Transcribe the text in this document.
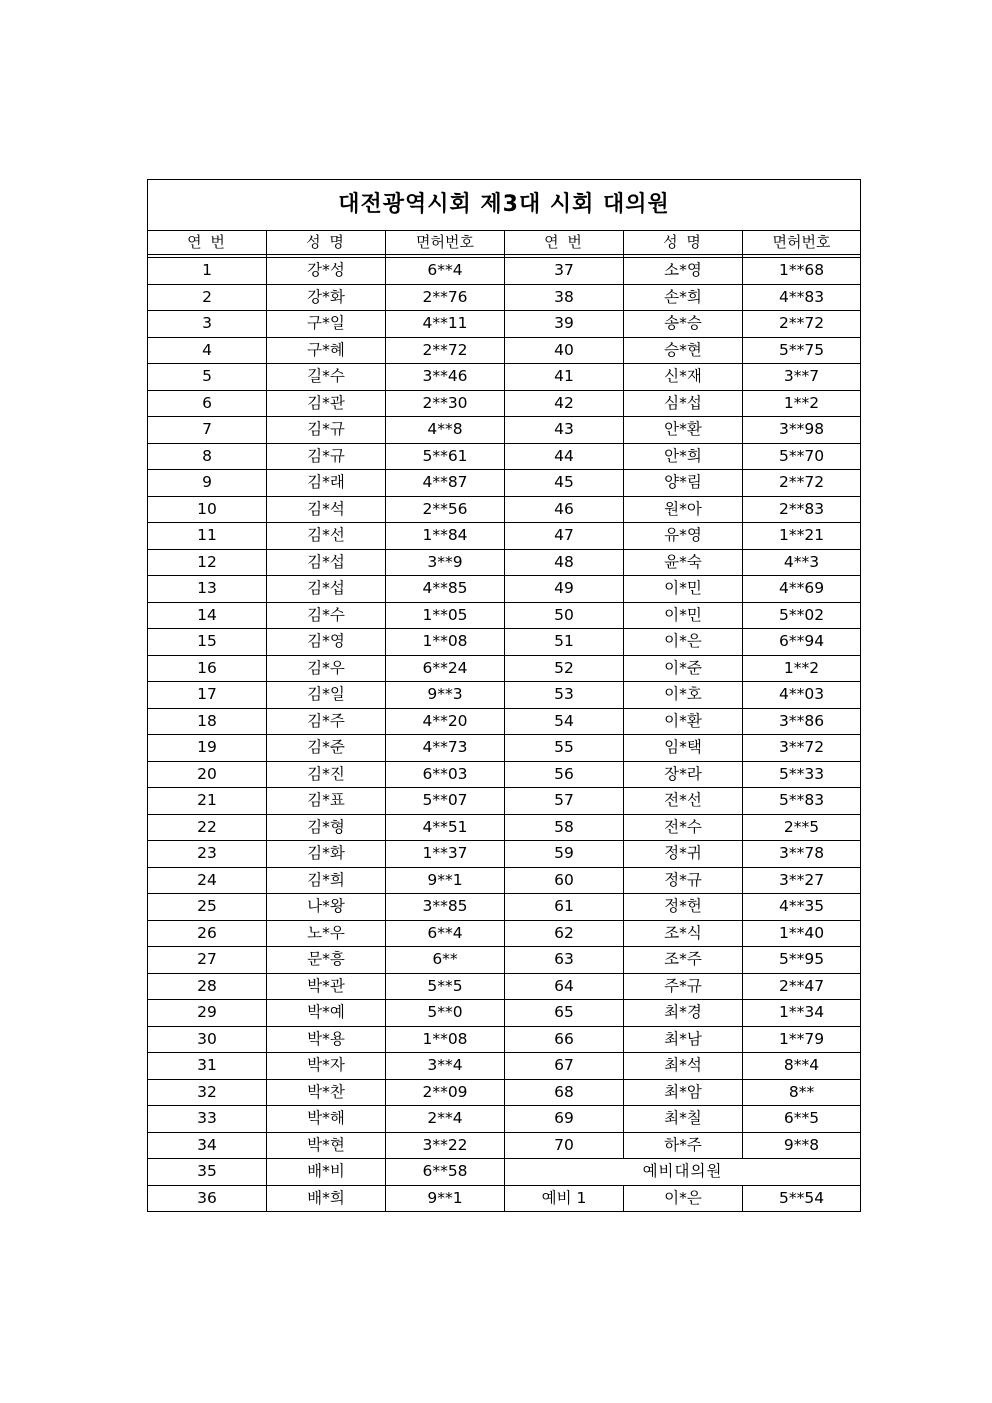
대전광역시회 제3대 시회 대의원					
연 번	성 명	면허번호	연 번	성 명	면허번호

1	강*성	6**4	37	소*영	1**68
2	강*화	2**76	38	손*희	4**83
3	구*일	4**11	39	송*승	2**72
4	구*혜	2**72	40	승*현	5**75
5	길*수	3**46	41	신*재	3**7
6	김*관	2**30	42	심*섭	1**2
7	김*규	4**8	43	안*환	3**98
8	김*규	5**61	44	안*희	5**70
9	김*래	4**87	45	양*림	2**72
10	김*석	2**56	46	원*아	2**83
11	김*선	1**84	47	유*영	1**21
12	김*섭	3**9	48	윤*숙	4**3
13	김*섭	4**85	49	이*민	4**69
14	김*수	1**05	50	이*민	5**02
15	김*영	1**08	51	이*은	6**94
16	김*우	6**24	52	이*준	1**2
17	김*일	9**3	53	이*호	4**03
18	김*주	4**20	54	이*환	3**86
19	김*준	4**73	55	임*택	3**72
20	김*진	6**03	56	장*라	5**33
21	김*표	5**07	57	전*선	5**83
22	김*형	4**51	58	전*수	2**5
23	김*화	1**37	59	정*귀	3**78
24	김*희	9**1	60	정*규	3**27
25	나*왕	3**85	61	정*헌	4**35
26	노*우	6**4	62	조*식	1**40
27	문*흥	6**	63	조*주	5**95
28	박*관	5**5	64	주*규	2**47
29	박*예	5**0	65	최*경	1**34
30	박*용	1**08	66	최*남	1**79
31	박*자	3**4	67	최*석	8**4
32	박*찬	2**09	68	최*암	8**
33	박*해	2**4	69	최*칠	6**5
34	박*현	3**22	70	하*주	9**8
35	배*비	6**58	예비대의원		
36	배*희	9**1	예비 1	이*은	5**54
